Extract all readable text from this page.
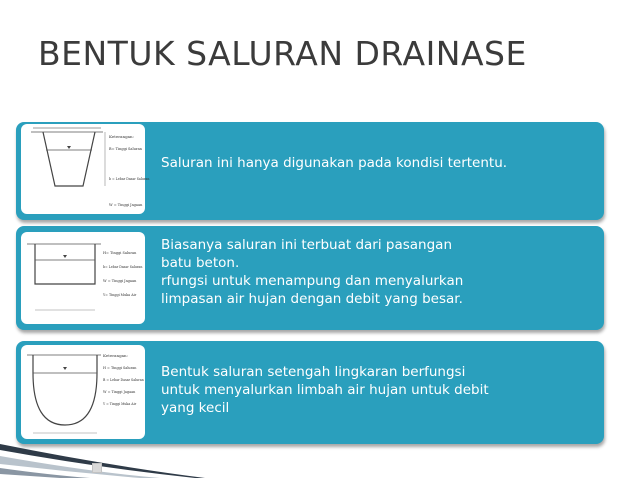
BENTUK SALURAN DRAINASE
Keterangan:
B= Tinggi Saluran
b = Lebar Dasar Saluran
W = Tinggi Jagaan
Saluran ini hanya digunakan pada kondisi tertentu.
H= Tinggi Saluran
b= Lebar Dasar Saluran
W = Tinggi Jagaan
Y= Tinggi Muka Air
Biasanya saluran ini terbuat dari pasangan
batu beton.
rfungsi untuk menampung dan menyalurkan
limpasan air hujan dengan debit yang besar.
Keterangan:
H = Tinggi Saluran
B = Lebar Dasar Saluran
W = Tinggi Jagaan
Y = Tinggi Muka Air
Bentuk saluran setengah lingkaran berfungsi
untuk menyalurkan limbah air hujan untuk debit
yang kecil
